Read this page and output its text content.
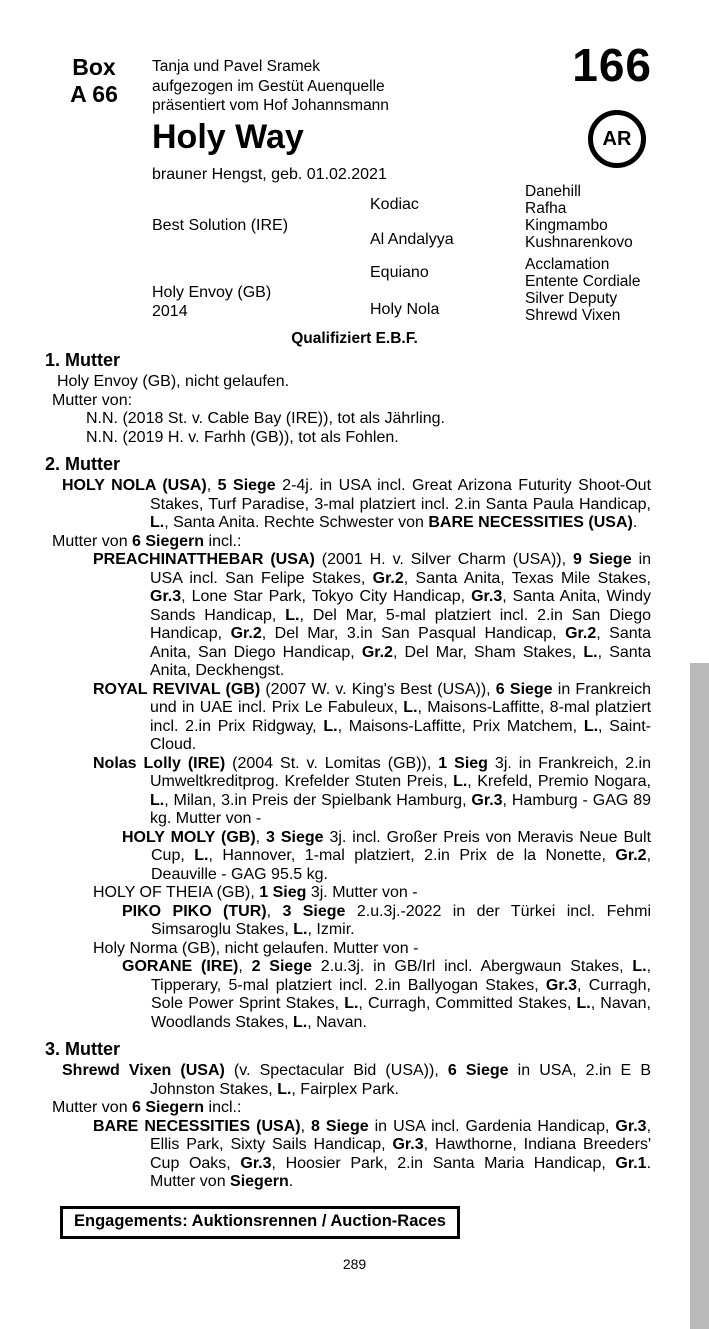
Box
A 66
Tanja und Pavel Sramek
aufgezogen im Gestüt Auenquelle
präsentiert vom Hof Johannsmann
166
Holy Way
brauner Hengst, geb. 01.02.2021
AR
Best Solution (IRE)
Holy Envoy (GB)
2014
Kodiac
Al Andalyya
Equiano
Holy Nola
Danehill
Rafha
Kingmambo
Kushnarenkovo
Acclamation
Entente Cordiale
Silver Deputy
Shrewd Vixen
Qualifiziert E.B.F.
1. Mutter

Holy Envoy (GB), nicht gelaufen.

Mutter von:

N.N. (2018 St. v. Cable Bay (IRE)), tot als Jährling.

N.N. (2019 H. v. Farhh (GB)), tot als Fohlen.

2. Mutter

HOLY NOLA (USA), 5 Siege 2-4j. in USA incl. Great Arizona Futurity Shoot-Out Stakes, Turf Paradise, 3-mal platziert incl. 2.in Santa Paula Handicap, L., Santa Anita. Rechte Schwester von BARE NECESSITIES (USA).

Mutter von 6 Siegern incl.:

PREACHINATTHEBAR (USA) (2001 H. v. Silver Charm (USA)), 9 Siege in USA incl. San Felipe Stakes, Gr.2, Santa Anita, Texas Mile Stakes, Gr.3, Lone Star Park, Tokyo City Handicap, Gr.3, Santa Anita, Windy Sands Handicap, L., Del Mar, 5-mal platziert incl. 2.in San Diego Handicap, Gr.2, Del Mar, 3.in San Pasqual Handicap, Gr.2, Santa Anita, San Diego Handicap, Gr.2, Del Mar, Sham Stakes, L., Santa Anita, Deckhengst.

ROYAL REVIVAL (GB) (2007 W. v. King's Best (USA)), 6 Siege in Frankreich und in UAE incl. Prix Le Fabuleux, L., Maisons-Laffitte, 8-mal platziert incl. 2.in Prix Ridgway, L., Maisons-Laffitte, Prix Matchem, L., Saint-Cloud.

Nolas Lolly (IRE) (2004 St. v. Lomitas (GB)), 1 Sieg 3j. in Frankreich, 2.in Umweltkreditprog. Krefelder Stuten Preis, L., Krefeld, Premio Nogara, L., Milan, 3.in Preis der Spielbank Hamburg, Gr.3, Hamburg - GAG 89 kg. Mutter von -

HOLY MOLY (GB), 3 Siege 3j. incl. Großer Preis von Meravis Neue Bult Cup, L., Hannover, 1-mal platziert, 2.in Prix de la Nonette, Gr.2, Deauville - GAG 95.5 kg.

HOLY OF THEIA (GB), 1 Sieg 3j. Mutter von -

PIKO PIKO (TUR), 3 Siege 2.u.3j.-2022 in der Türkei incl. Fehmi Simsaroglu Stakes, L., Izmir.

Holy Norma (GB), nicht gelaufen. Mutter von -

GORANE (IRE), 2 Siege 2.u.3j. in GB/Irl incl. Abergwaun Stakes, L., Tipperary, 5-mal platziert incl. 2.in Ballyogan Stakes, Gr.3, Curragh, Sole Power Sprint Stakes, L., Curragh, Committed Stakes, L., Navan, Woodlands Stakes, L., Navan.

3. Mutter

Shrewd Vixen (USA) (v. Spectacular Bid (USA)), 6 Siege in USA, 2.in E B Johnston Stakes, L., Fairplex Park.

Mutter von 6 Siegern incl.:

BARE NECESSITIES (USA), 8 Siege in USA incl. Gardenia Handicap, Gr.3, Ellis Park, Sixty Sails Handicap, Gr.3, Hawthorne, Indiana Breeders' Cup Oaks, Gr.3, Hoosier Park, 2.in Santa Maria Handicap, Gr.1. Mutter von Siegern.

Engagements: Auktionsrennen / Auction-Races
289
